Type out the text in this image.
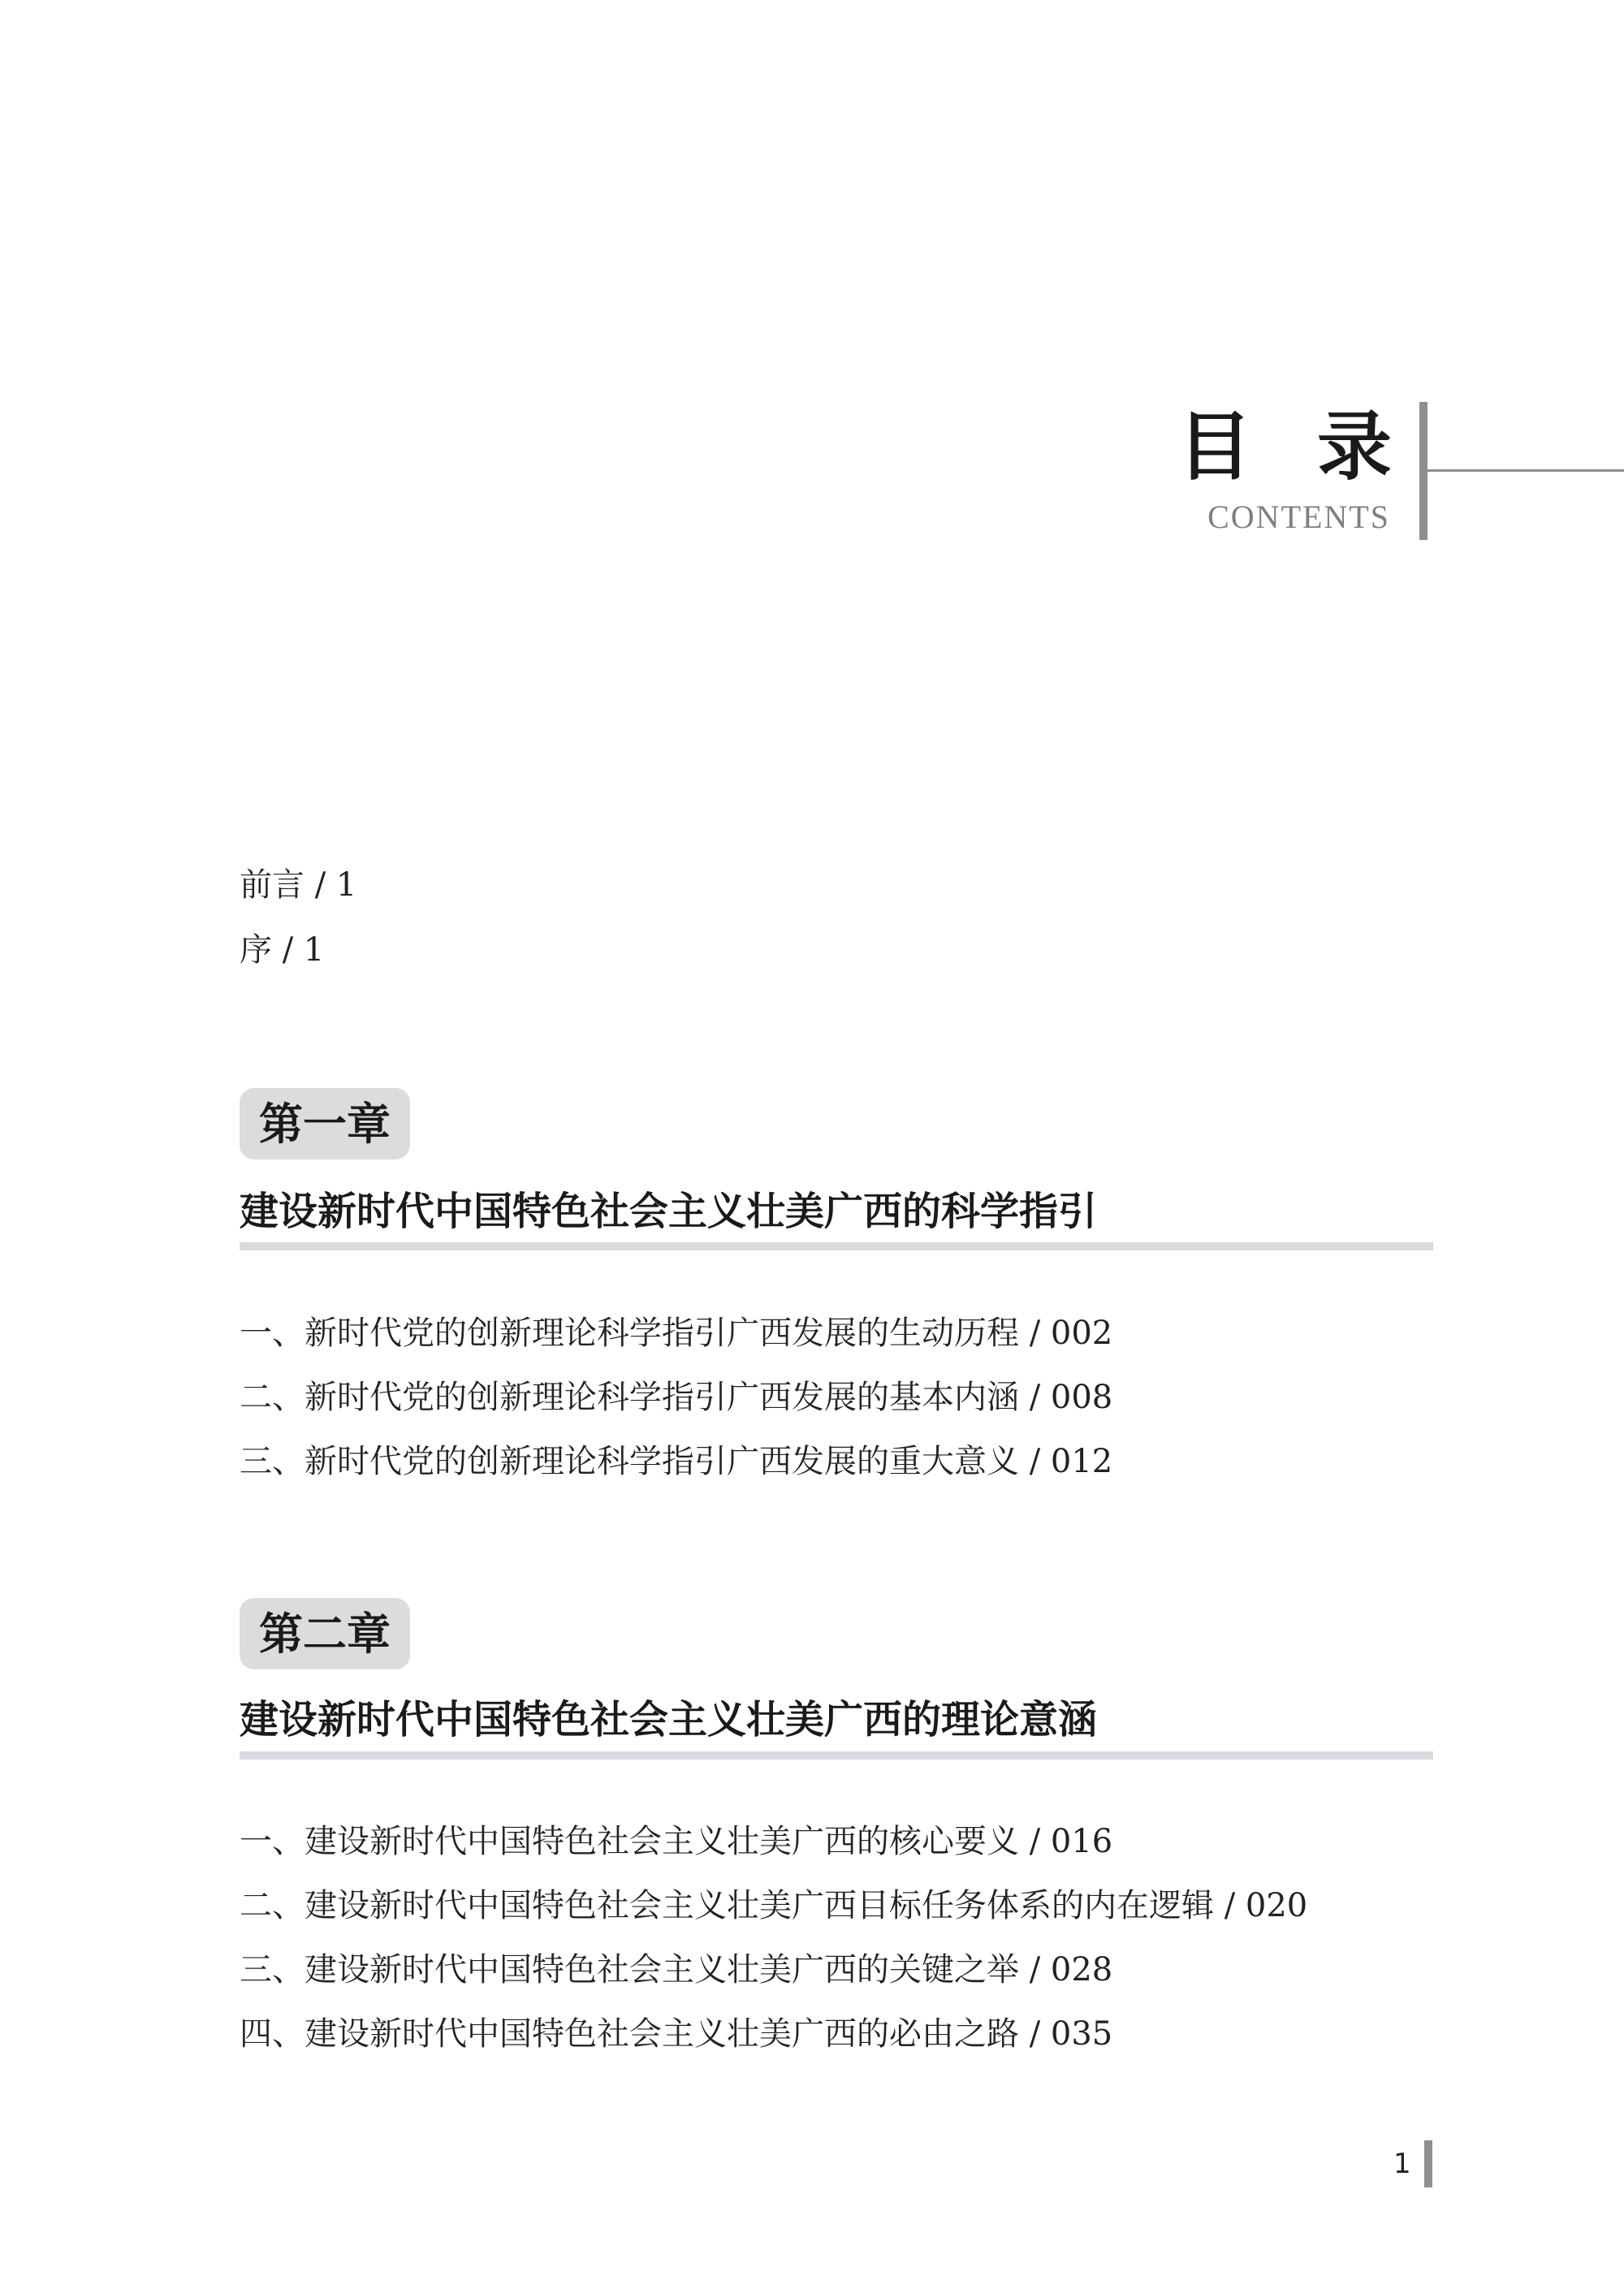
目 录
CONTENTS
前言 / 1
序 / 1
第一章
建设新时代中国特色社会主义壮美广西的科学指引
一、新时代党的创新理论科学指引广西发展的生动历程 / 002
二、新时代党的创新理论科学指引广西发展的基本内涵 / 008
三、新时代党的创新理论科学指引广西发展的重大意义 / 012
第二章
建设新时代中国特色社会主义壮美广西的理论意涵
一、建设新时代中国特色社会主义壮美广西的核心要义 / 016
二、建设新时代中国特色社会主义壮美广西目标任务体系的内在逻辑 / 020
三、建设新时代中国特色社会主义壮美广西的关键之举 / 028
四、建设新时代中国特色社会主义壮美广西的必由之路 / 035
1
